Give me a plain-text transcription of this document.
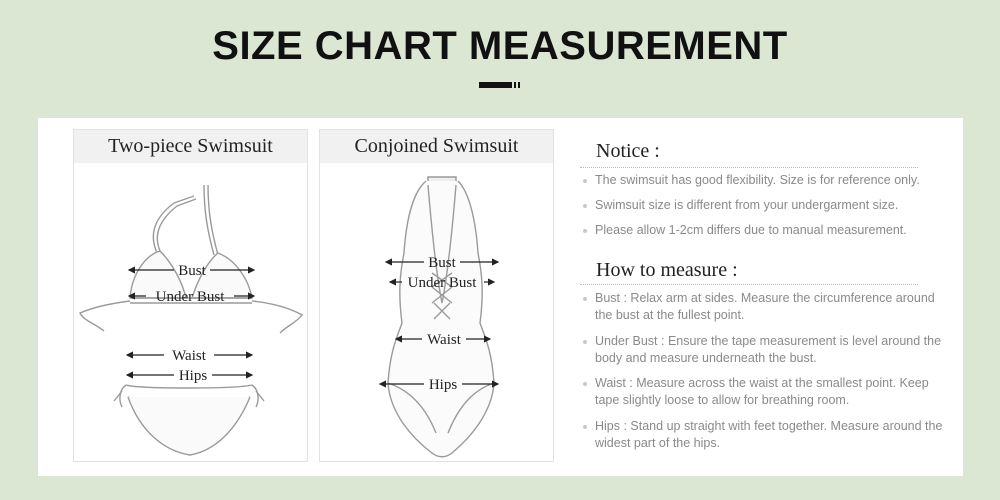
SIZE CHART MEASUREMENT
Two-piece Swimsuit
Bust
Under Bust
Waist
Hips
Conjoined Swimsuit
Bust
Under Bust
Waist
Hips
Notice :
The swimsuit has good flexibility. Size is for reference only.
Swimsuit size is different from your undergarment size.
Please allow 1-2cm differs due to manual measurement.
How to measure :
Bust : Relax arm at sides. Measure the circumference around the bust at the fullest point.
Under Bust : Ensure the tape measurement is level around the body and measure underneath the bust.
Waist : Measure across the waist at the smallest point. Keep tape slightly loose to allow for breathing room.
Hips : Stand up straight with feet together. Measure around the widest part of the hips.
